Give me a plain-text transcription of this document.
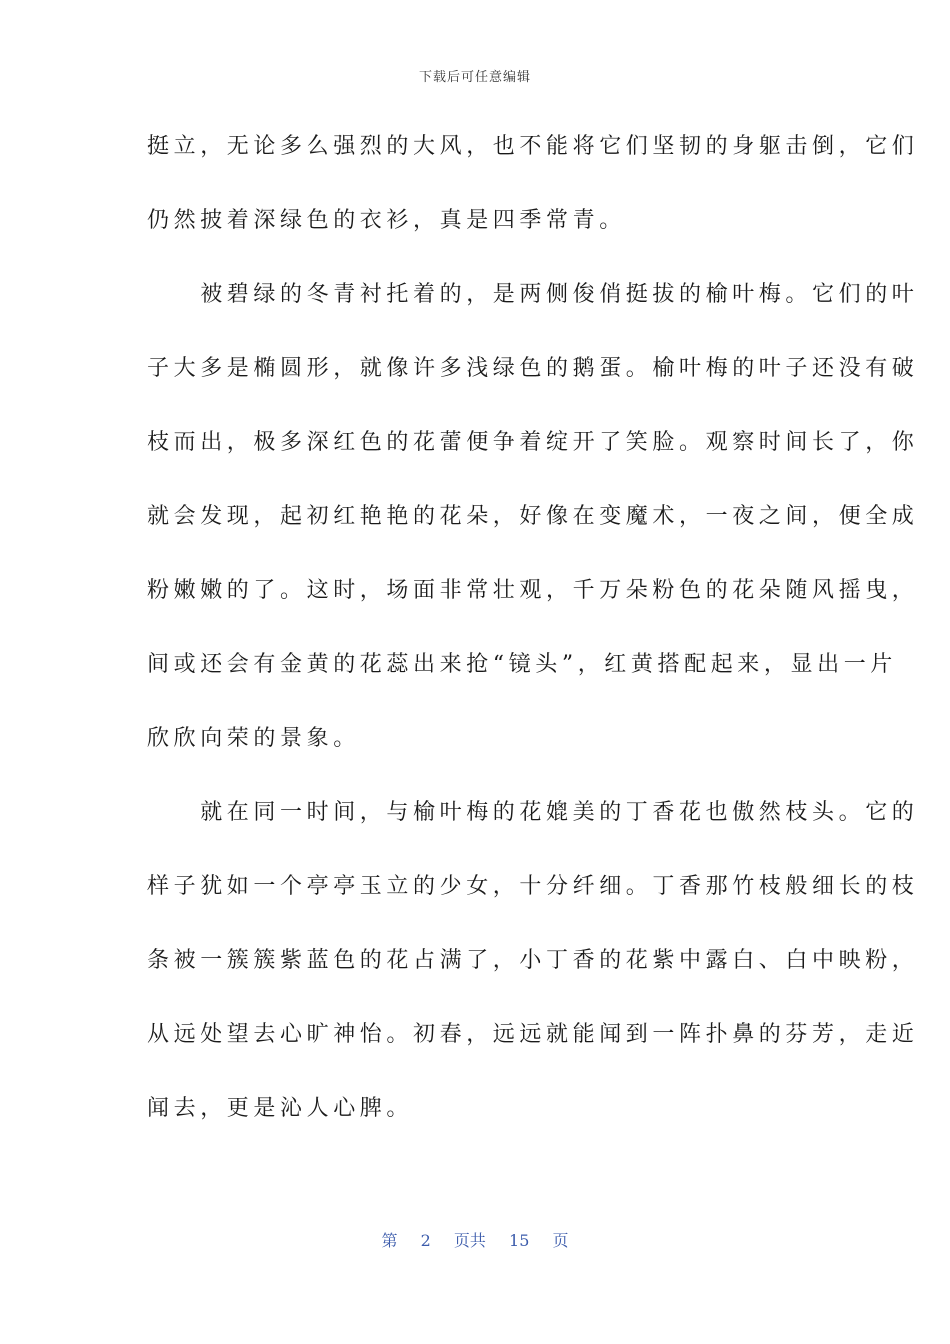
下载后可任意编辑
挺立，无论多么强烈的大风，也不能将它们坚韧的身躯击倒，它们
仍然披着深绿色的衣衫，真是四季常青。
　　被碧绿的冬青衬托着的，是两侧俊俏挺拔的榆叶梅。它们的叶
子大多是椭圆形，就像许多浅绿色的鹅蛋。榆叶梅的叶子还没有破
枝而出，极多深红色的花蕾便争着绽开了笑脸。观察时间长了，你
就会发现，起初红艳艳的花朵，好像在变魔术，一夜之间，便全成
粉嫩嫩的了。这时，场面非常壮观，千万朵粉色的花朵随风摇曳，
间或还会有金黄的花蕊出来抢“镜头”，红黄搭配起来，显出一片
欣欣向荣的景象。
　　就在同一时间，与榆叶梅的花媲美的丁香花也傲然枝头。它的
样子犹如一个亭亭玉立的少女，十分纤细。丁香那竹枝般细长的枝
条被一簇簇紫蓝色的花占满了，小丁香的花紫中露白、白中映粉，
从远处望去心旷神怡。初春，远远就能闻到一阵扑鼻的芬芳，走近
闻去，更是沁人心脾。
第 2 页共 15 页
